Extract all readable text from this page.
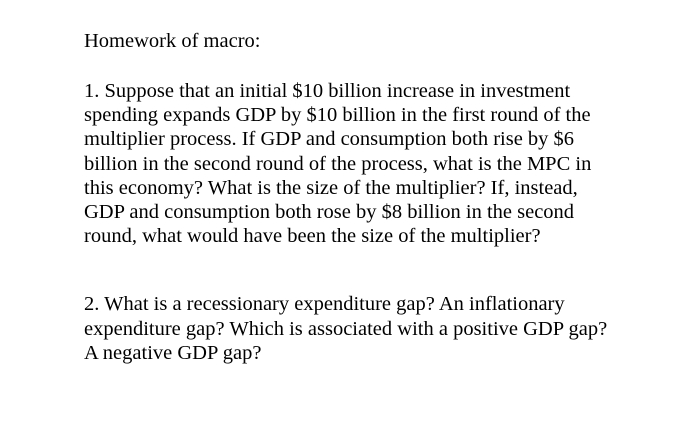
Homework of macro:
1. Suppose that an initial $10 billion increase in investment
spending expands GDP by $10 billion in the first round of the
multiplier process. If GDP and consumption both rise by $6
billion in the second round of the process, what is the MPC in
this economy? What is the size of the multiplier? If, instead,
GDP and consumption both rose by $8 billion in the second
round, what would have been the size of the multiplier?
2. What is a recessionary expenditure gap? An inflationary
expenditure gap? Which is associated with a positive GDP gap?
A negative GDP gap?
